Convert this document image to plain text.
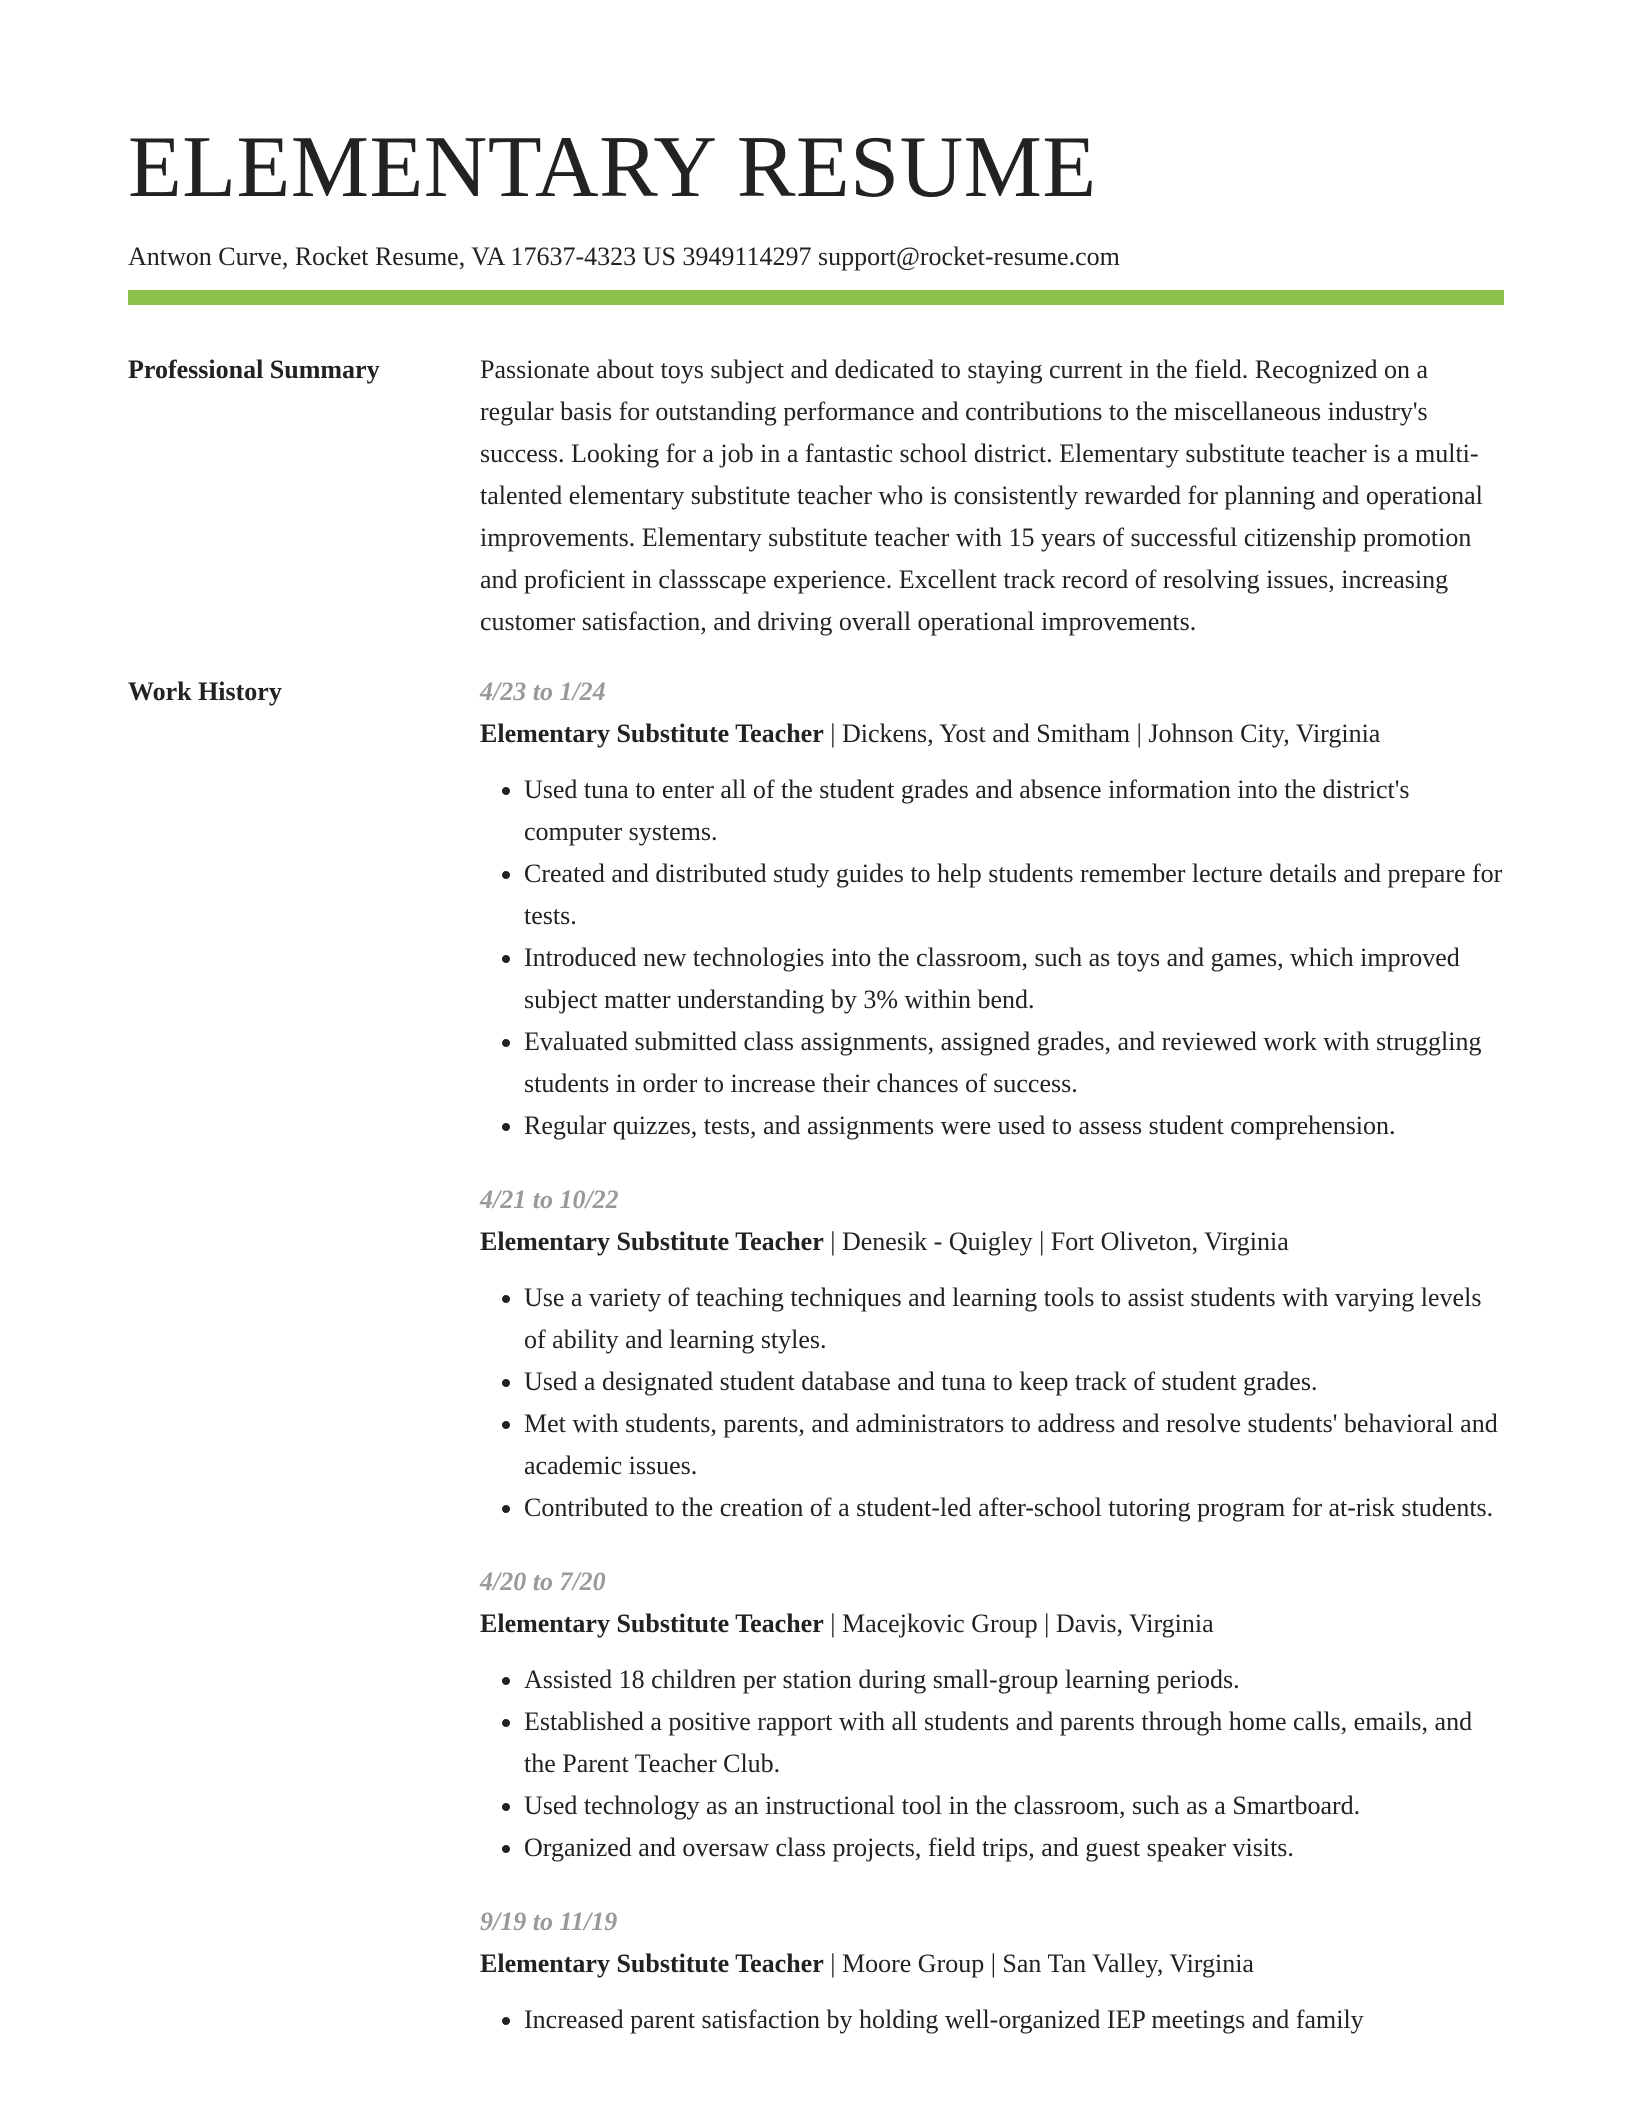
ELEMENTARY RESUME
Antwon Curve, Rocket Resume, VA 17637-4323 US 3949114297 support@rocket-resume.com
Professional Summary	Passionate about toys subject and dedicated to staying current in the field. Recognized on a regular basis for outstanding performance and contributions to the miscellaneous industry's success. Looking for a job in a fantastic school district. Elementary substitute teacher is a multi-talented elementary substitute teacher who is consistently rewarded for planning and operational improvements. Elementary substitute teacher with 15 years of successful citizenship promotion and proficient in classscape experience. Excellent track record of resolving issues, increasing customer satisfaction, and driving overall operational improvements.

Work History	4/23 to 1/24
Elementary Substitute Teacher | Dickens, Yost and Smitham | Johnson City, Virginia
• Used tuna to enter all of the student grades and absence information into the district's computer systems.
• Created and distributed study guides to help students remember lecture details and prepare for tests.
• Introduced new technologies into the classroom, such as toys and games, which improved subject matter understanding by 3% within bend.
• Evaluated submitted class assignments, assigned grades, and reviewed work with struggling students in order to increase their chances of success.
• Regular quizzes, tests, and assignments were used to assess student comprehension.
4/21 to 10/22
Elementary Substitute Teacher | Denesik - Quigley | Fort Oliveton, Virginia
• Use a variety of teaching techniques and learning tools to assist students with varying levels of ability and learning styles.
• Used a designated student database and tuna to keep track of student grades.
• Met with students, parents, and administrators to address and resolve students' behavioral and academic issues.
• Contributed to the creation of a student-led after-school tutoring program for at-risk students.
4/20 to 7/20
Elementary Substitute Teacher | Macejkovic Group | Davis, Virginia
• Assisted 18 children per station during small-group learning periods.
• Established a positive rapport with all students and parents through home calls, emails, and the Parent Teacher Club.
• Used technology as an instructional tool in the classroom, such as a Smartboard.
• Organized and oversaw class projects, field trips, and guest speaker visits.
9/19 to 11/19
Elementary Substitute Teacher | Moore Group | San Tan Valley, Virginia
• Increased parent satisfaction by holding well-organized IEP meetings and family
